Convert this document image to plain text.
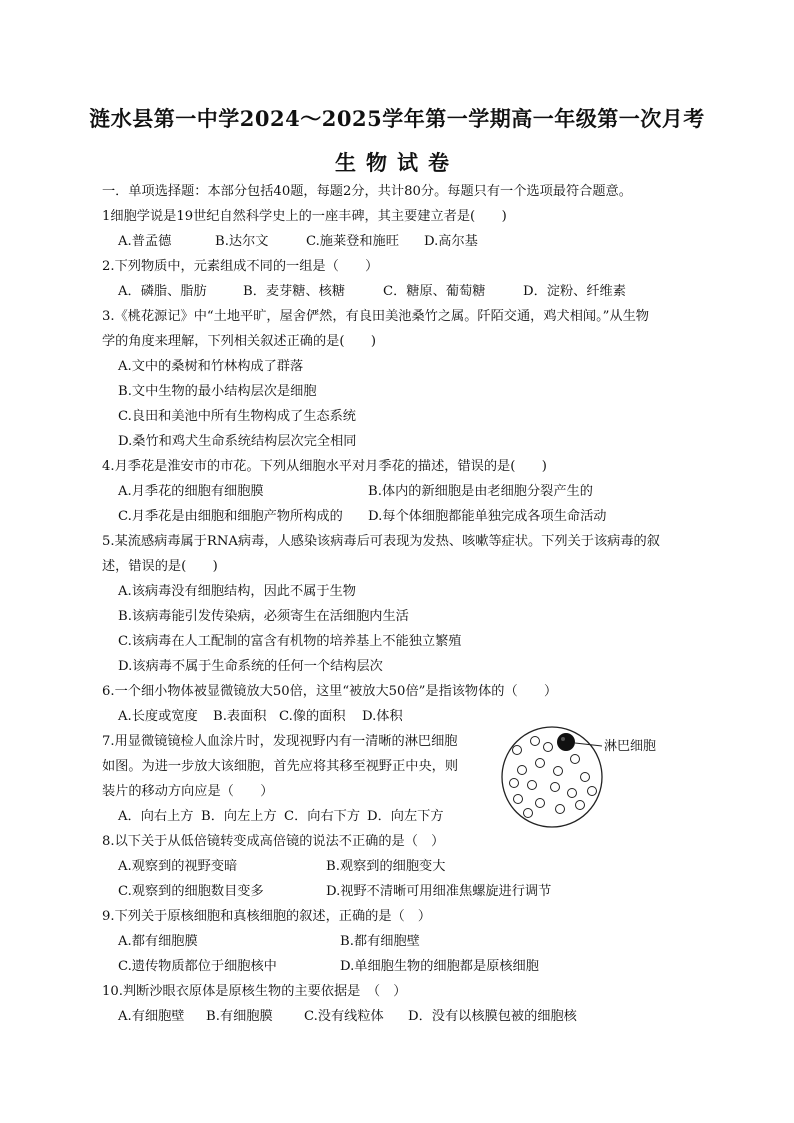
涟水县第一中学2024～2025学年第一学期高一年级第一次月考
生物试卷
一．单项选择题：本部分包括40题，每题2分，共计80分。每题只有一个选项最符合题意。
1细胞学说是19世纪自然科学史上的一座丰碑，其主要建立者是(　　)
A.普孟德	B.达尔文	C.施莱登和施旺 D.高尔基
2.下列物质中，元素组成不同的一组是（　　）
A．磷脂、脂肪	B．麦芽糖、核糖	C．糖原、葡萄糖	D．淀粉、纤维素
3.《桃花源记》中“土地平旷，屋舍俨然，有良田美池桑竹之属。阡陌交通，鸡犬相闻。”从生物
学的角度来理解，下列相关叙述正确的是(　　)
A.文中的桑树和竹林构成了群落
B.文中生物的最小结构层次是细胞
C.良田和美池中所有生物构成了生态系统
D.桑竹和鸡犬生命系统结构层次完全相同
4.月季花是淮安市的市花。下列从细胞水平对月季花的描述，错误的是(　　)
A.月季花的细胞有细胞膜	B.体内的新细胞是由老细胞分裂产生的
C.月季花是由细胞和细胞产物所构成的 D.每个体细胞都能单独完成各项生命活动
5.某流感病毒属于RNA病毒，人感染该病毒后可表现为发热、咳嗽等症状。下列关于该病毒的叙
述，错误的是(　　)
A.该病毒没有细胞结构，因此不属于生物
B.该病毒能引发传染病，必须寄生在活细胞内生活
C.该病毒在人工配制的富含有机物的培养基上不能独立繁殖
D.该病毒不属于生命系统的任何一个结构层次
6.一个细小物体被显微镜放大50倍，这里“被放大50倍”是指该物体的（　　）
A.长度或宽度 B.表面积 C.像的面积 D.体积
7.用显微镜镜检人血涂片时，发现视野内有一清晰的淋巴细胞
如图。为进一步放大该细胞，首先应将其移至视野正中央，则
装片的移动方向应是（　　）
A．向右上方 B．向左上方 C．向右下方 D．向左下方
淋巴细胞
8.以下关于从低倍镜转变成高倍镜的说法不正确的是（　）
A.观察到的视野变暗	B.观察到的细胞变大
C.观察到的细胞数目变多	D.视野不清晰可用细准焦螺旋进行调节
9.下列关于原核细胞和真核细胞的叙述，正确的是（　）
A.都有细胞膜	B.都有细胞壁
C.遗传物质都位于细胞核中	D.单细胞生物的细胞都是原核细胞
10.判断沙眼衣原体是原核生物的主要依据是　（　）
A.有细胞壁 B.有细胞膜 C.没有线粒体 D．没有以核膜包被的细胞核
